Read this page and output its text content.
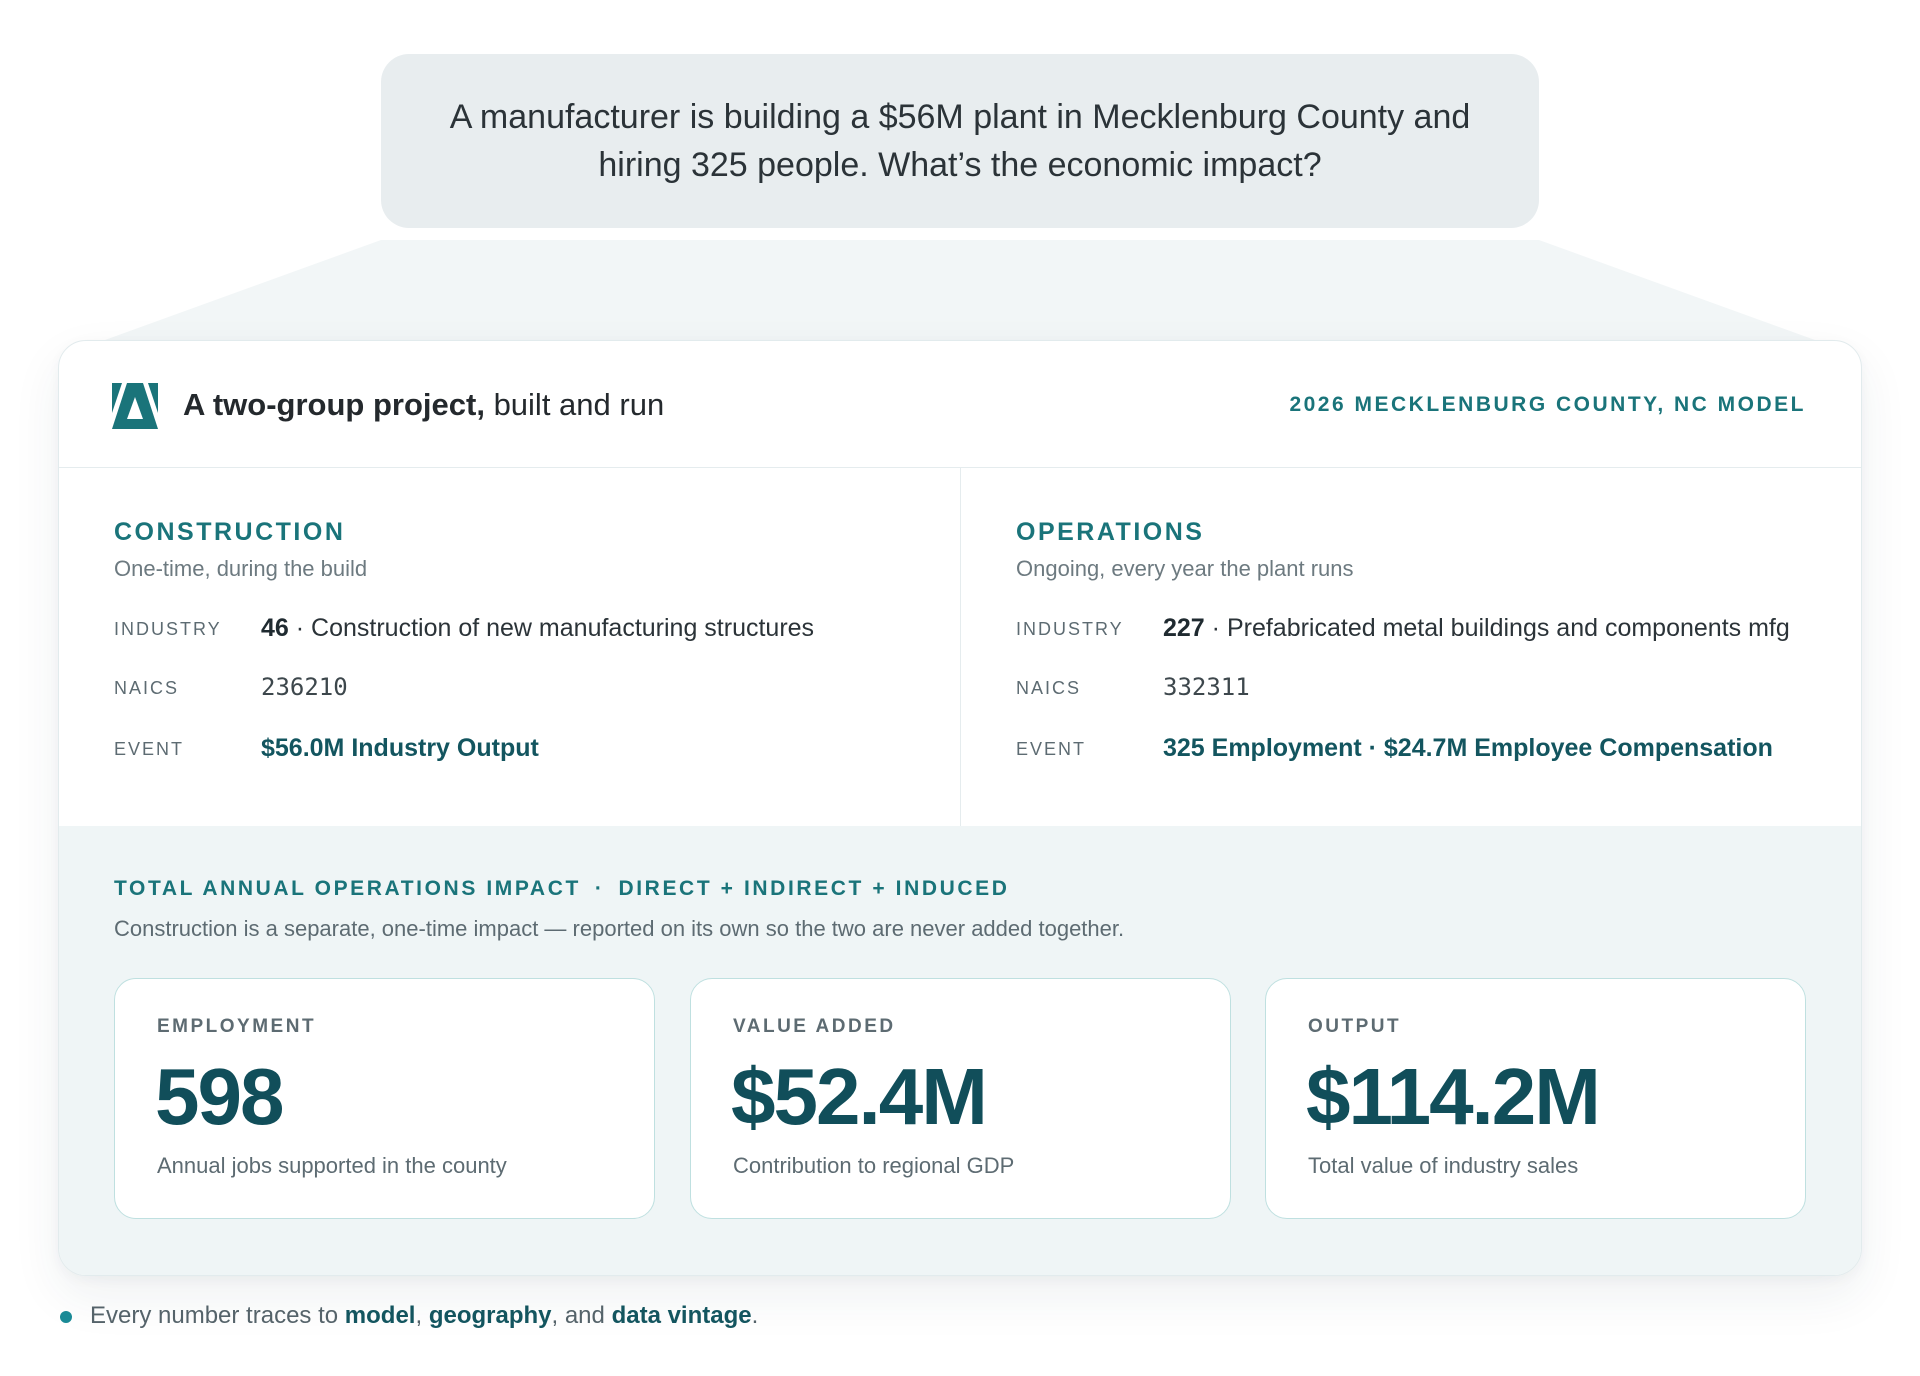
A manufacturer is building a $56M plant in Mecklenburg County and hiring 325 people. What’s the economic impact?
A two-group project, built and run	2026 MECKLENBURG COUNTY, NC MODEL
CONSTRUCTION
One-time, during the build
INDUSTRY 46 · Construction of new manufacturing structures
NAICS	236210
EVENT	$56.0M Industry Output
OPERATIONS
Ongoing, every year the plant runs
INDUSTRY 227 · Prefabricated metal buildings and components mfg
NAICS	332311
EVENT	325 Employment · $24.7M Employee Compensation
TOTAL ANNUAL OPERATIONS IMPACT · DIRECT + INDIRECT + INDUCED
Construction is a separate, one-time impact — reported on its own so the two are never added together.
EMPLOYMENT
598
Annual jobs supported in the county
VALUE ADDED
$52.4M
Contribution to regional GDP
OUTPUT
$114.2M
Total value of industry sales
Every number traces to model, geography, and data vintage.
